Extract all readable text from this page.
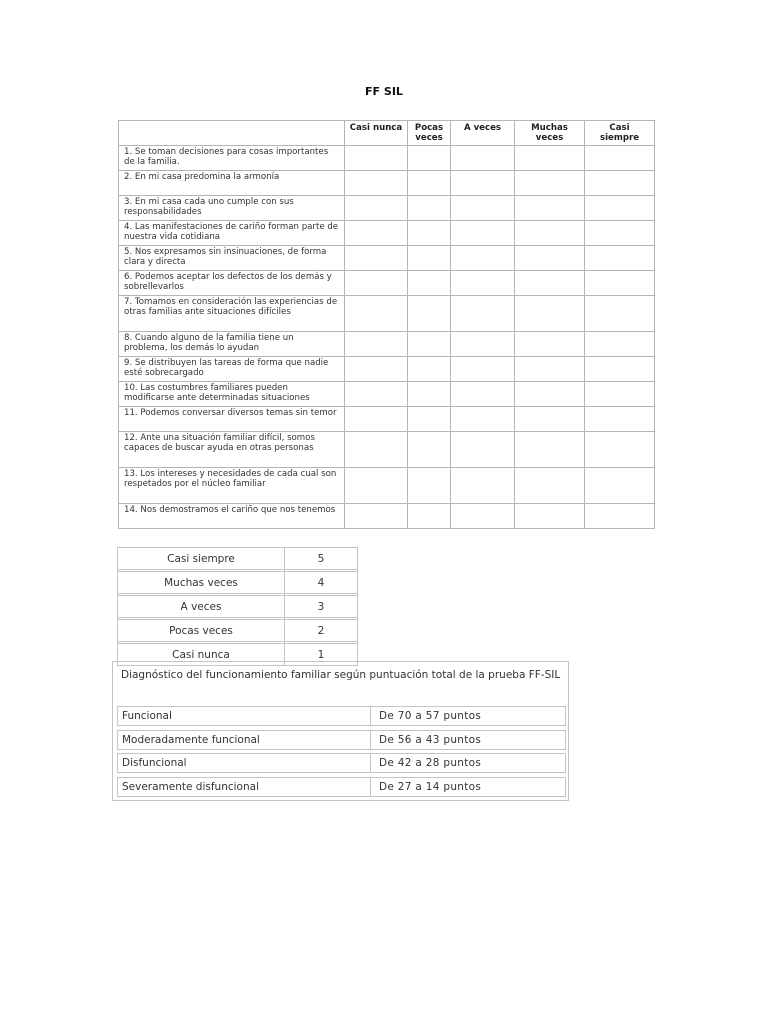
FF SIL
	Casi nunca	Pocas veces	A veces	Muchas veces	Casi siempre
1. Se toman decisiones para cosas importantes de la familia.					
2. En mi casa predomina la armonía					
3. En mi casa cada uno cumple con sus responsabilidades					
4. Las manifestaciones de cariño forman parte de nuestra vida cotidiana					
5. Nos expresamos sin insinuaciones, de forma clara y directa					
6. Podemos aceptar los defectos de los demás y sobrellevarlos					
7. Tomamos en consideración las experiencias de otras familias ante situaciones difíciles					
8. Cuando alguno de la familia tiene un problema, los demás lo ayudan					
9. Se distribuyen las tareas de forma que nadie esté sobrecargado					
10. Las costumbres familiares pueden modificarse ante determinadas situaciones					
11. Podemos conversar diversos temas sin temor					
12. Ante una situación familiar difícil, somos capaces de buscar ayuda en otras personas					
13. Los intereses y necesidades de cada cual son respetados por el núcleo familiar					
14. Nos demostramos el cariño que nos tenemos					
Casi siempre	5

Muchas veces	4

A veces	3

Pocas veces	2

Casi nunca	1
Diagnóstico del funcionamiento familiar según puntuación total de la prueba FF-SIL
Funcional	De 70 a 57 puntos
Moderadamente funcional	De 56 a 43 puntos
Disfuncional	De 42 a 28 puntos
Severamente disfuncional	De 27 a 14 puntos
